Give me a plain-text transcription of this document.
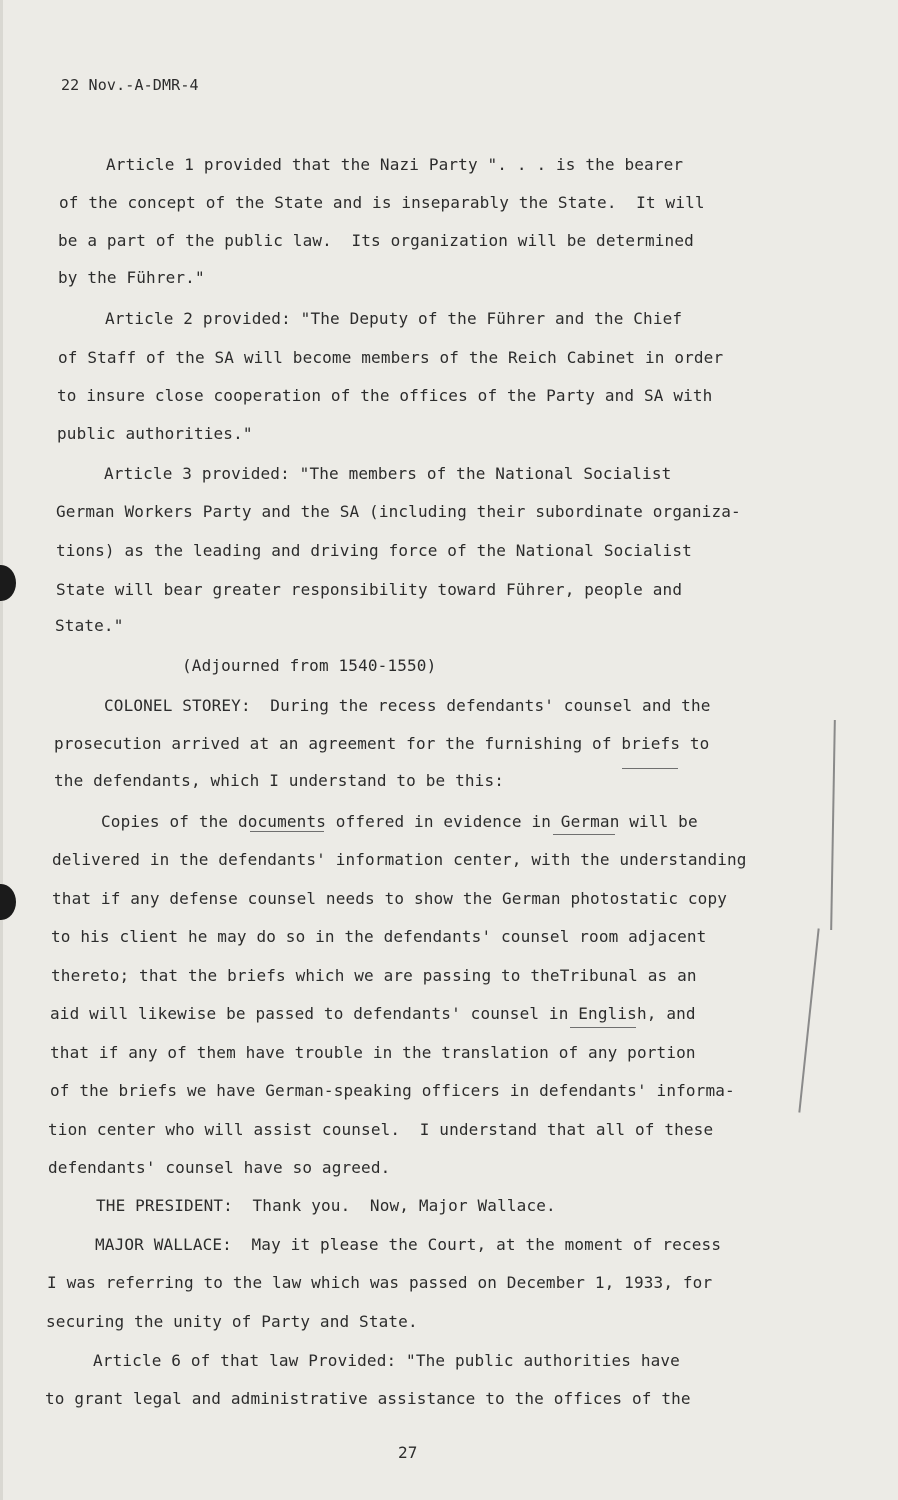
22 Nov.-A-DMR-4
Article 1 provided that the Nazi Party ". . . is the bearer
of the concept of the State and is inseparably the State.  It will
be a part of the public law.  Its organization will be determined
by the Führer."
Article 2 provided: "The Deputy of the Führer and the Chief
of Staff of the SA will become members of the Reich Cabinet in order
to insure close cooperation of the offices of the Party and SA with
public authorities."
Article 3 provided: "The members of the National Socialist
German Workers Party and the SA (including their subordinate organiza-
tions) as the leading and driving force of the National Socialist
State will bear greater responsibility toward Führer, people and
State."
(Adjourned from 1540-1550)
COLONEL STOREY:  During the recess defendants' counsel and the
prosecution arrived at an agreement for the furnishing of briefs to
the defendants, which I understand to be this:
Copies of the documents offered in evidence in German will be
delivered in the defendants' information center, with the understanding
that if any defense counsel needs to show the German photostatic copy
to his client he may do so in the defendants' counsel room adjacent
thereto; that the briefs which we are passing to theTribunal as an
aid will likewise be passed to defendants' counsel in English, and
that if any of them have trouble in the translation of any portion
of the briefs we have German-speaking officers in defendants' informa-
tion center who will assist counsel.  I understand that all of these
defendants' counsel have so agreed.
THE PRESIDENT:  Thank you.  Now, Major Wallace.
MAJOR WALLACE:  May it please the Court, at the moment of recess
I was referring to the law which was passed on December 1, 1933, for
securing the unity of Party and State.
Article 6 of that law Provided: "The public authorities have
to grant legal and administrative assistance to the offices of the
27
